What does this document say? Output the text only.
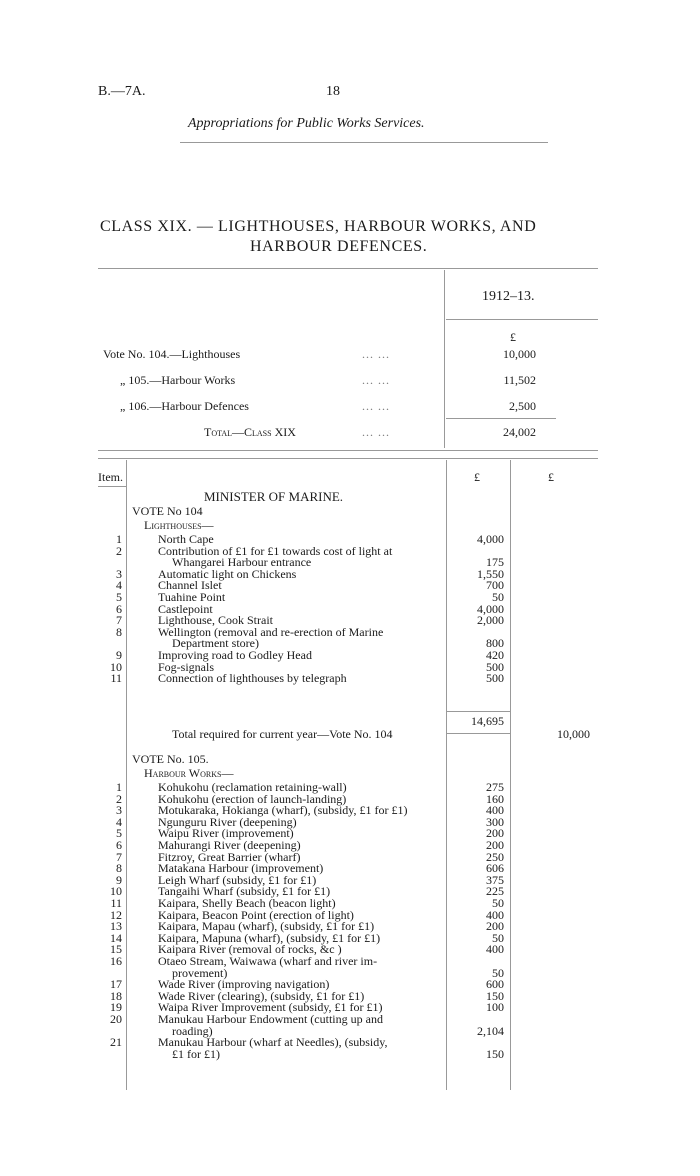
B.—7A.	18
Appropriations for Public Works Services.
CLASS XIX. — LIGHTHOUSES, HARBOUR WORKS, AND
HARBOUR DEFENCES.
1912–13.
£
Vote No. 104.—Lighthouses	... ...	10,000
„ 105.—Harbour Works	... ...	11,502
„ 106.—Harbour Defences	... ...	2,500
Total—Class XIX	... ...	24,002
Item.	£	£
MINISTER OF MARINE.
VOTE No 104
Lighthouses—
1	North Cape	4,000
2	Contribution of £1 for £1 towards cost of light at
Whangarei Harbour entrance	175
3	Automatic light on Chickens	1,550
4	Channel Islet	700
5	Tuahine Point	50
6	Castlepoint	4,000
7	Lighthouse, Cook Strait	2,000
8	Wellington (removal and re-erection of Marine
Department store)	800
9	Improving road to Godley Head	420
10	Fog-signals	500
11	Connection of lighthouses by telegraph	500
14,695
Total required for current year—Vote No. 104	10,000
VOTE No. 105.
Harbour Works—
1	Kohukohu (reclamation retaining-wall)	275
2	Kohukohu (erection of launch-landing)	160
3	Motukaraka, Hokianga (wharf), (subsidy, £1 for £1)	400
4	Ngunguru River (deepening)	300
5	Waipu River (improvement)	200
6	Mahurangi River (deepening)	200
7	Fitzroy, Great Barrier (wharf)	250
8	Matakana Harbour (improvement)	606
9	Leigh Wharf (subsidy, £1 for £1)	375
10	Tangaihi Wharf (subsidy, £1 for £1)	225
11	Kaipara, Shelly Beach (beacon light)	50
12	Kaipara, Beacon Point (erection of light)	400
13	Kaipara, Mapau (wharf), (subsidy, £1 for £1)	200
14	Kaipara, Mapuna (wharf), (subsidy, £1 for £1)	50
15	Kaipara River (removal of rocks, &c )	400
16	Otaeo Stream, Waiwawa (wharf and river im-
provement)	50
17	Wade River (improving navigation)	600
18	Wade River (clearing), (subsidy, £1 for £1)	150
19	Waipa River Improvement (subsidy, £1 for £1)	100
20	Manukau Harbour Endowment (cutting up and
roading)	2,104
21	Manukau Harbour (wharf at Needles), (subsidy,
£1 for £1)	150
